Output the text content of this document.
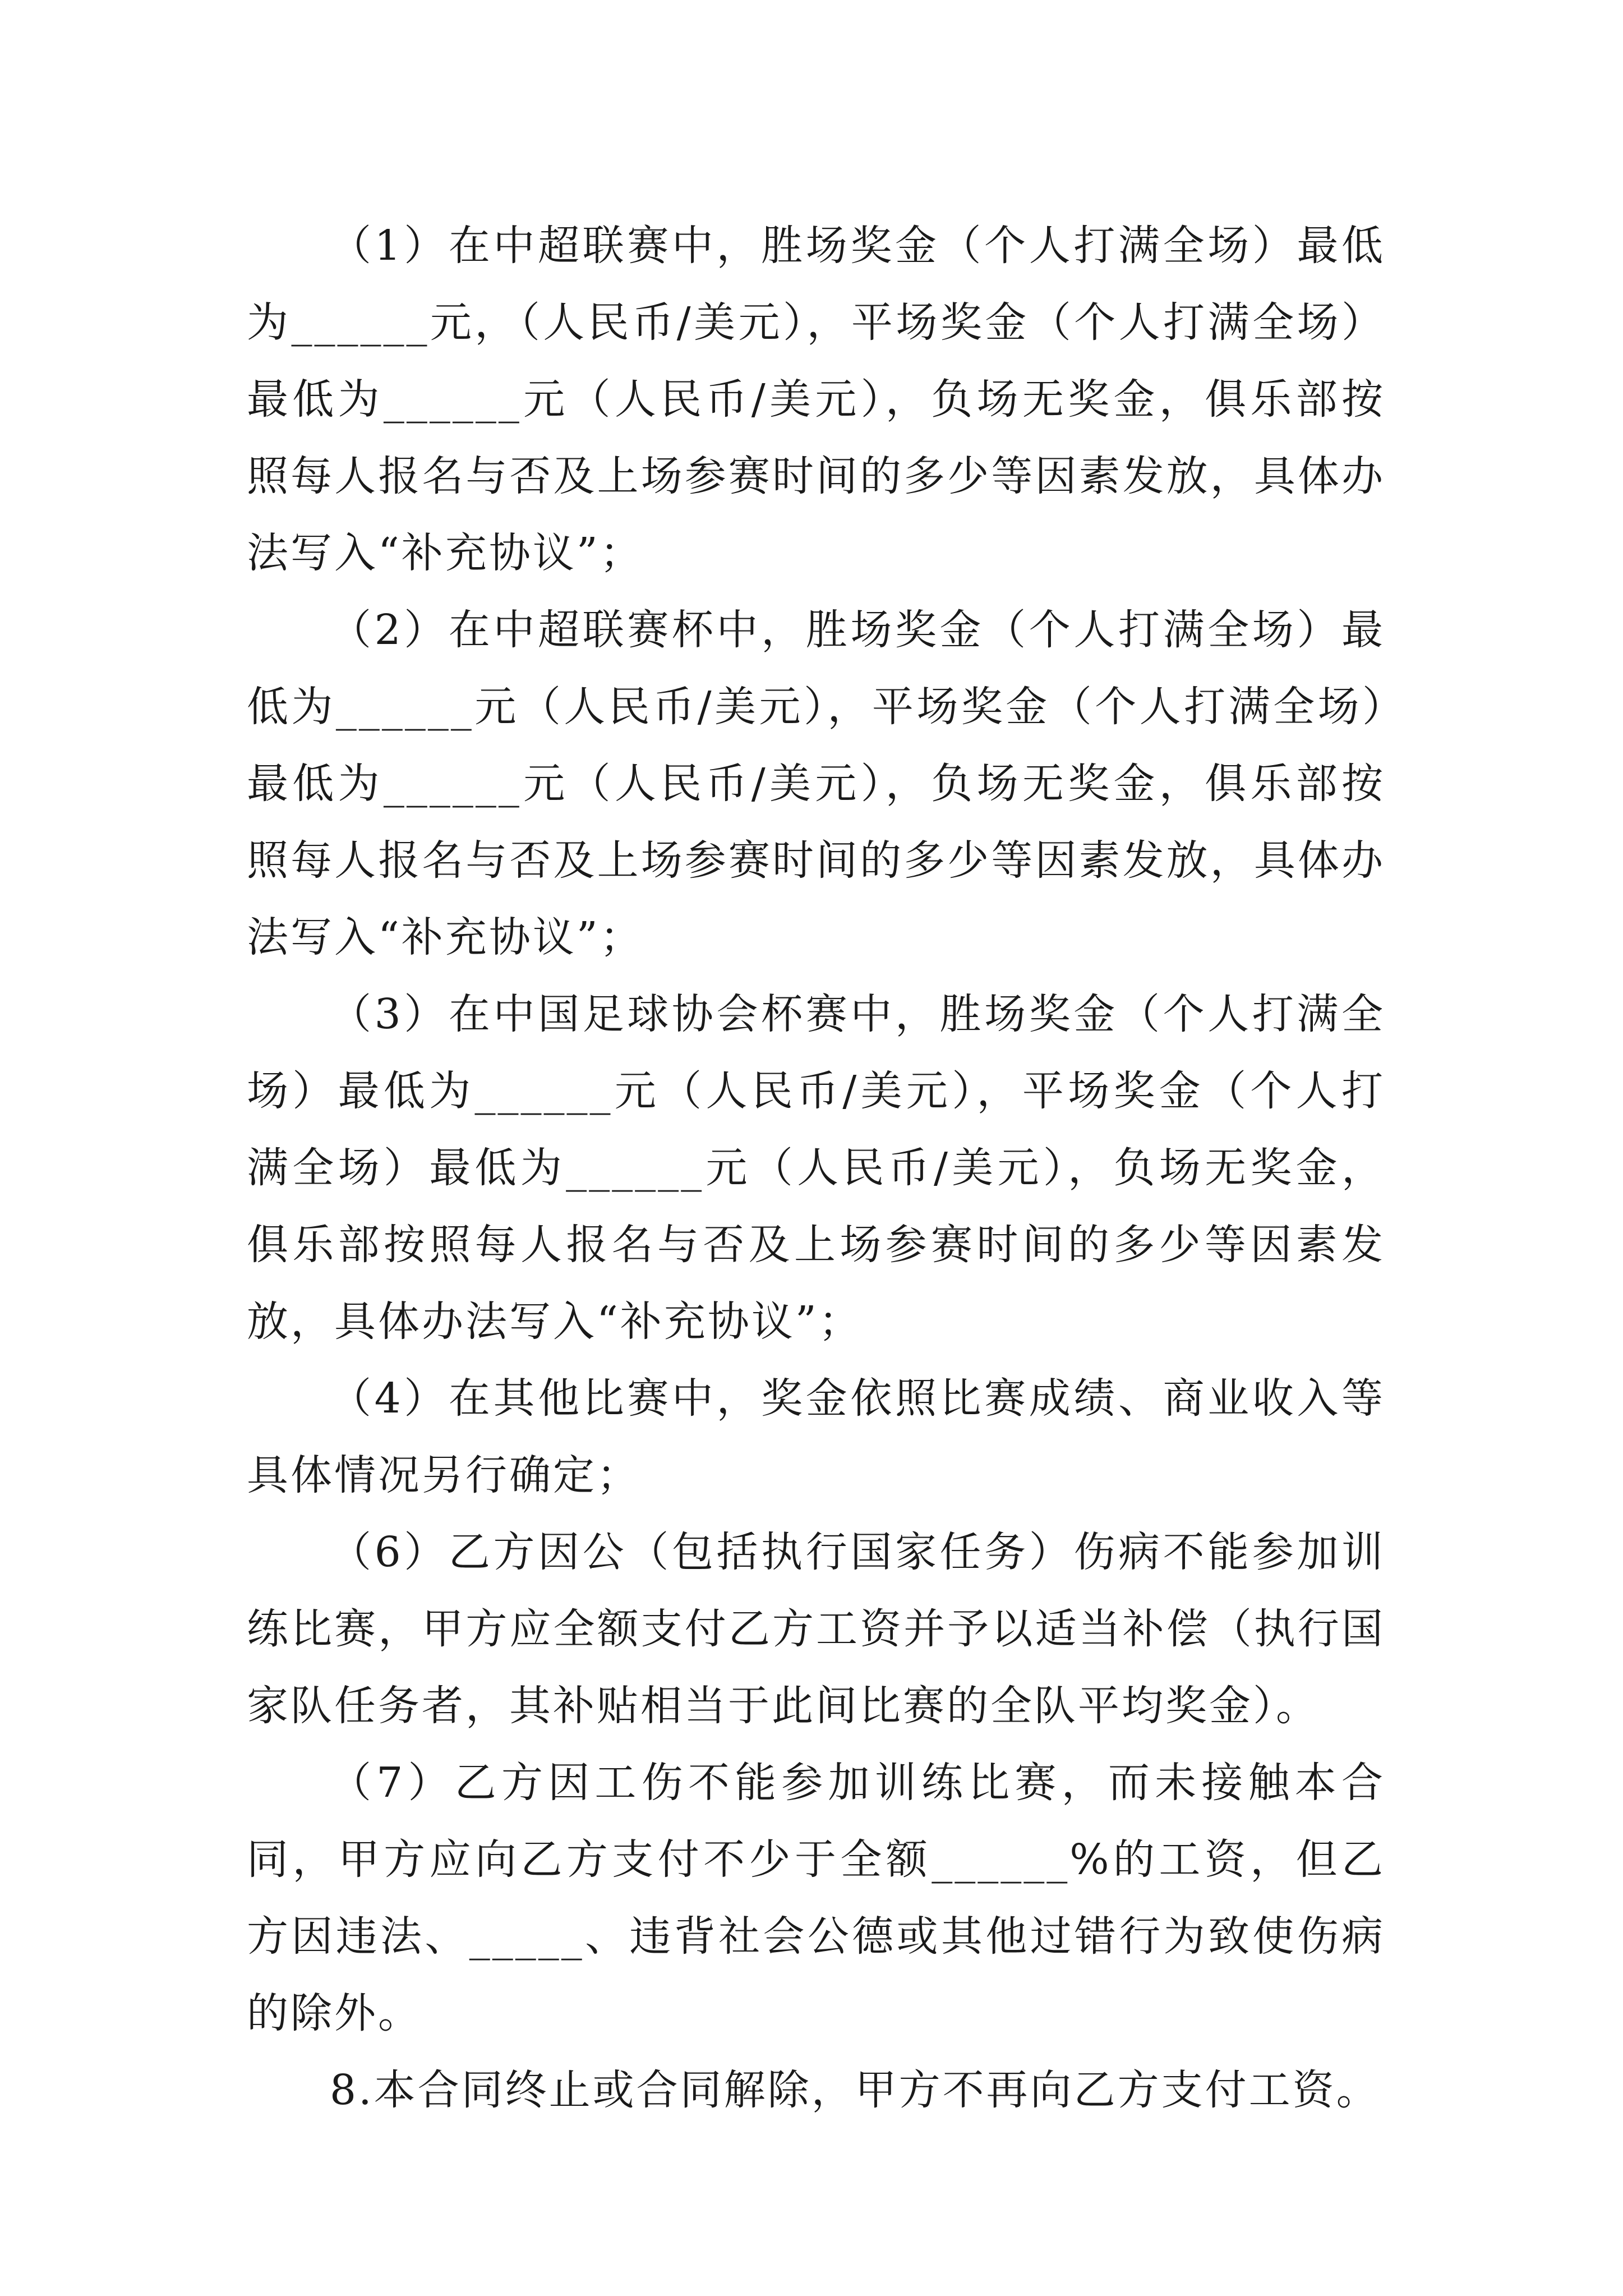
（1）在中超联赛中，胜场奖金（个人打满全场）最低为______元，（人民币/美元），平场奖金（个人打满全场）最低为______元（人民币/美元），负场无奖金，俱乐部按照每人报名与否及上场参赛时间的多少等因素发放，具体办法写入“补充协议”；

（2）在中超联赛杯中，胜场奖金（个人打满全场）最低为______元（人民币/美元），平场奖金（个人打满全场）最低为______元（人民币/美元），负场无奖金，俱乐部按照每人报名与否及上场参赛时间的多少等因素发放，具体办法写入“补充协议”；

（3）在中国足球协会杯赛中，胜场奖金（个人打满全场）最低为______元（人民币/美元），平场奖金（个人打满全场）最低为______元（人民币/美元），负场无奖金，俱乐部按照每人报名与否及上场参赛时间的多少等因素发放，具体办法写入“补充协议”；

（4）在其他比赛中，奖金依照比赛成绩、商业收入等具体情况另行确定；

（6）乙方因公（包括执行国家任务）伤病不能参加训练比赛，甲方应全额支付乙方工资并予以适当补偿（执行国家队任务者，其补贴相当于此间比赛的全队平均奖金）。

（7）乙方因工伤不能参加训练比赛，而未接触本合同，甲方应向乙方支付不少于全额______%的工资，但乙方因违法、_____、违背社会公德或其他过错行为致使伤病的除外。

8.本合同终止或合同解除，甲方不再向乙方支付工资。
